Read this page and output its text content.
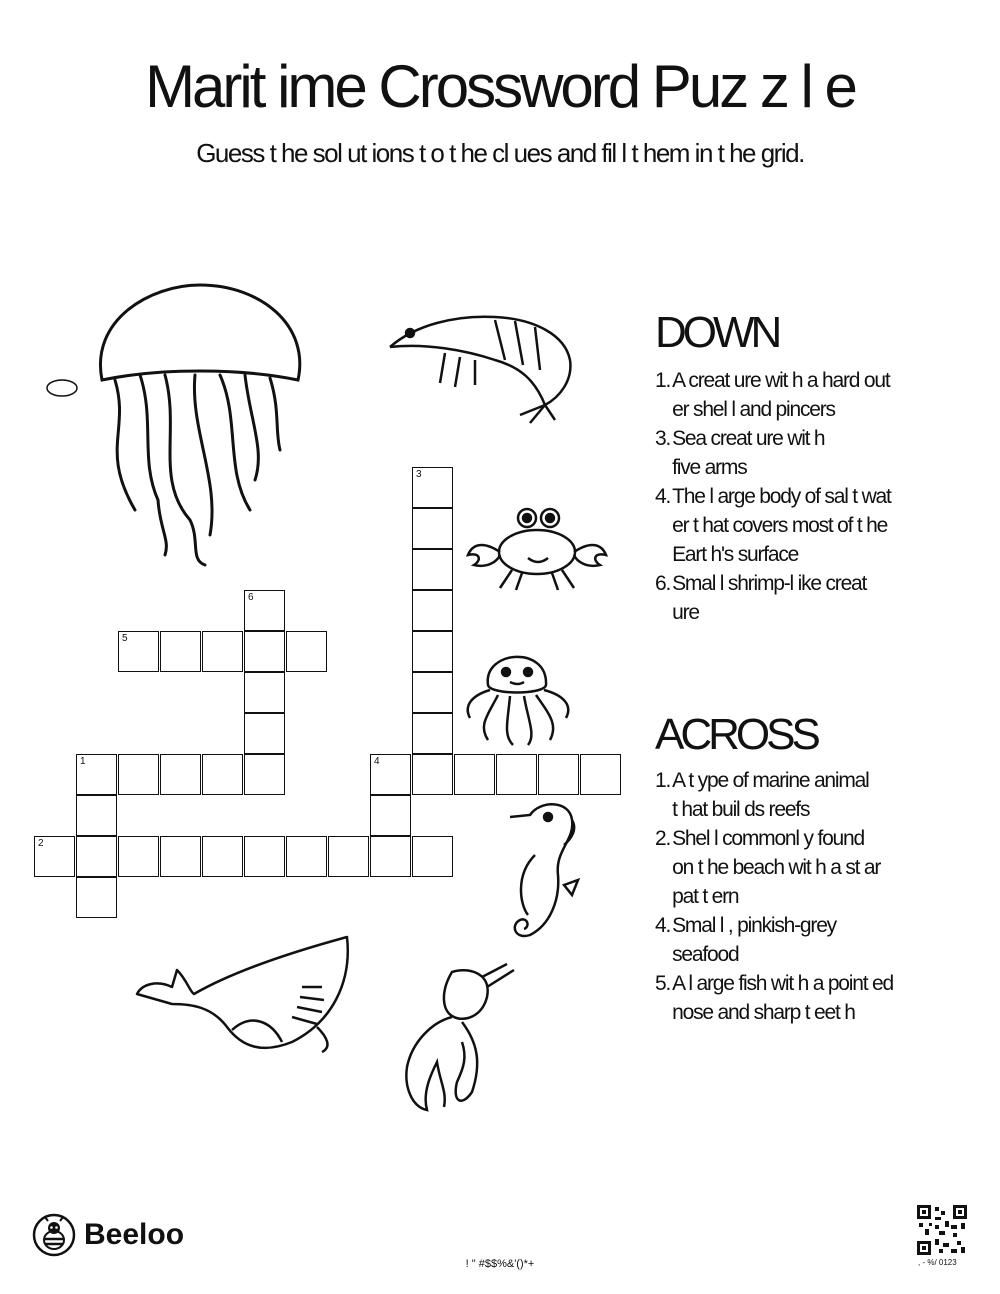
Marit ime Crossword Puz z l e
Guess t he sol ut ions t o t he cl ues and fil l t hem in t he grid.
3
6
5
1	4
2
DOWN
1. A creat ure wit h a hard out er shel l and pincers
3. Sea creat ure wit h five arms
4. The l arge body of sal t wat er t hat covers most of t he Eart h's surface
6. Smal l shrimp-l ike creat ure
ACROSS
1. A t ype of marine animal t hat buil ds reefs
2. Shel l commonl y found on t he beach wit h a st ar pat t ern
4. Smal l , pinkish-grey seafood
5. A l arge fish wit h a point ed nose and sharp t eet h
Beeloo
! " #$$%&'()*+	, - %/ 0123
